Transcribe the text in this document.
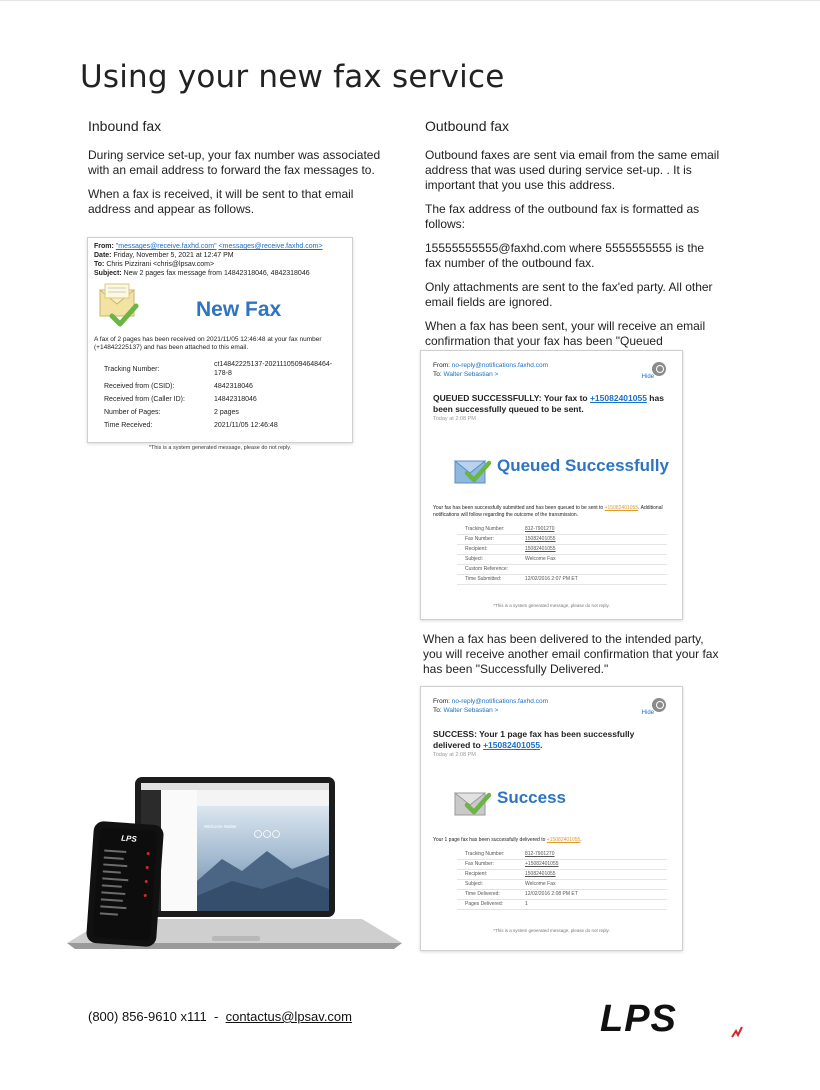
Using your new fax service
Inbound fax

During service set-up, your fax number was associated with an email address to forward the fax messages to.

When a fax is received, it will be sent to that email address and appear as follows.

From: "messages@receive.faxhd.com" <messages@receive.faxhd.com>
Date: Friday, November 5, 2021 at 12:47 PM
To: Chris Pizzirani <chris@lpsav.com>
Subject: New 2 pages fax message from 14842318046, 4842318046
New Fax
A fax of 2 pages has been received on 2021/11/05 12:46:48 at your fax number (+14842225137) and has been attached to this email.
Tracking Number:	ct14842225137-20211105094648464-178-8
Received from (CSID):	4842318046
Received from (Caller ID):	14842318046
Number of Pages:	2 pages
Time Received:	2021/11/05 12:46:48
*This is a system generated message, please do not reply.
Outbound fax

Outbound faxes are sent via email from the same email address that was used during service set-up. . It is important that you use this address.

The fax address of the outbound fax is formatted as follows:

15555555555@faxhd.com where 5555555555 is the fax number of the outbound fax.

Only attachments are sent to the fax'ed party. All other email fields are ignored.

When a fax has been sent, your will receive an email confirmation that your fax has been "Queued

Hide
From: no-reply@notifications.faxhd.com
To: Walter Sebastian >
QUEUED SUCCESSFULLY: Your fax to +15082401055 has been successfully queued to be sent.
Today at 2:08 PM
Queued Successfully
Your fax has been successfully submitted and has been queued to be sent to +15082401055. Additional notifications will follow regarding the outcome of the transmission.
Tracking Number:	812-7901270
Fax Number:	15082401055
Recipient:	15082401055
Subject:	Welcome Fax
Custom Reference:	
Time Submitted:	12/02/2016 2:07 PM ET
*This is a system generated message, please do not reply.

When a fax has been delivered to the intended party, you will receive another email confirmation that your fax has been "Successfully Delivered."

Hide
From: no-reply@notifications.faxhd.com
To: Walter Sebastian >
SUCCESS: Your 1 page fax has been successfully delivered to +15082401055.
Today at 2:08 PM
Success
Your 1 page fax has been successfully delivered to +15082401055.
Tracking Number:	812-7901270
Fax Number:	+15082401055
Recipient:	15082401055
Subject:	Welcome Fax
Time Delivered:	12/02/2016 2:08 PM ET
Pages Delivered:	1
*This is a system generated message, please do not reply.
Welcome Walter
LPS
(800) 856-9610 x111 - contactus@lpsav.com	LPS
